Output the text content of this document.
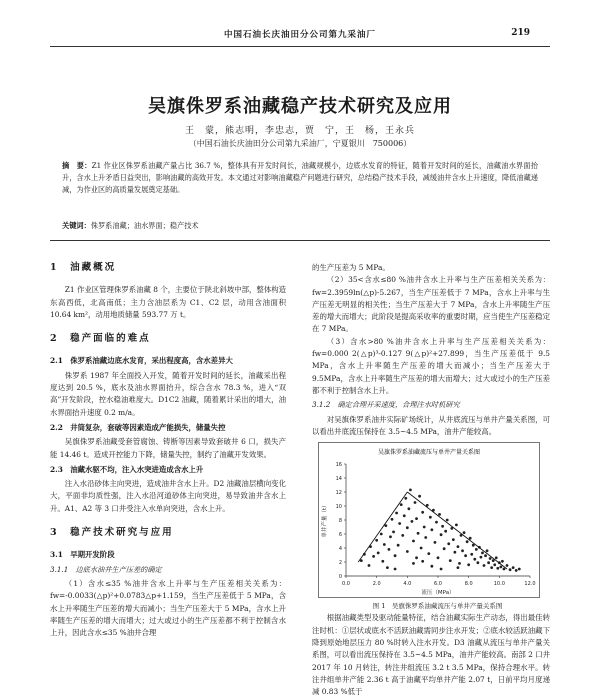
中国石油长庆油田分公司第九采油厂	219
吴旗侏罗系油藏稳产技术研究及应用
王　蒙，熊志明，李忠志，贾　宁，王　杨，王永兵
（中国石油长庆油田分公司第九采油厂，宁夏银川　750006）
摘　要：Z1 作业区侏罗系油藏产量占比 36.7 %，整体具有开发时间长，油藏规模小，边底水发育的特征，随着开发时间的延长，油藏油水界面抬升，含水上升矛盾日益突出，影响油藏的高效开发。本文通过对影响油藏稳产问题进行研究，总结稳产技术手段，减缓油井含水上升速度，降低油藏递减，为作业区的高质量发展奠定基础。
关键词：侏罗系油藏；油水界面；稳产技术
1　油藏概况

Z1 作业区管理侏罗系油藏 8 个，主要位于陕北斜坡中部，整体构造东高西低，北高南低；主力含油层系为 C1、C2 层，动用含油面积 10.64 km²，动用地质储量 593.77 万 t。

2　稳产面临的难点
2.1　侏罗系油藏边底水发育，采出程度高，含水差异大

侏罗系 1987 年全面投入开发，随着开发时间的延长，油藏采出程度达到 20.5 %，底水及油水界面抬升，综合含水 78.3 %，进入“双高”开发阶段，控水稳油难度大。D1C2 油藏，随着累计采出的增大，油水界面抬升速度 0.2 m/a。

2.2　井筒复杂，套破等因素造成产能损失，储量失控

吴旗侏罗系油藏受套管腐蚀、铸断等因素导致套破井 6 口，损失产能 14.46 t。造成开控能力下降，储量失控，制约了油藏开发效果。

2.3　油藏水驱不均，注入水突进造成含水上升

注入水沿砂体主向突进，造成油井含水上升。D2 油藏油层横向变化大，平面非均质性强，注入水沿河道砂体主向突进，易导致油井含水上升。A1、A2 等 3 口井受注入水单向突进，含水上升。

3　稳产技术研究与应用
3.1　早期开发阶段
3.1.1　边底水油井生产压差的确定

（1）含水≤35 %油井含水上升率与生产压差相关关系为：fw=-0.0033(△p)²+0.0783△p+1.159，当生产压差低于 5 MPa，含水上升率随生产压差的增大而减小；当生产压差大于 5 MPa，含水上升率随生产压差的增大而增大；过大或过小的生产压差都不利于控制含水上升，因此含水≤35 %油井合理

的生产压差为 5 MPa。

（2）35<含水≤80 %油井含水上升率与生产压差相关关系为：fw=2.3959ln(△p)-5.267，当生产压差低于 7 MPa，含水上升率与生产压差无明显的相关性；当生产压差大于 7 MPa，含水上升率随生产压差的增大而增大；此阶段是提高采收率的重要时期，应当使生产压差稳定在 7 MPa。

（3）含水>80 %油井含水上升率与生产压差相关关系为：fw=0.000 2(△p)³-0.127 9(△p)²+27.899，当生产压差低于 9.5 MPa，含水上升率随生产压差的增大而减小；当生产压差大于 9.5MPa，含水上升率随生产压差的增大而增大；过大或过小的生产压差都不利于控制含水上升。

3.1.2　确定合理开采速度，合理注水时机研究

对吴旗侏罗系油井实际矿场统计，从井底流压与单井产量关系图，可以看出井底流压保持在 3.5~4.5 MPa，油井产能较高。

吴旗侏罗系油藏流压与单井产量关系图
0
2
4
6
8
10
12
14
16
0.0	2.0	4.0	6.0	8.0	10.0	12.0
流压（MPa）
单井产量（t）

图 1　吴旗侏罗系油藏流压与单井产量关系图

根据油藏类型及驱动能量特征，结合油藏实际生产动态，得出最佳转注时机：①层状或底水不活跃油藏需同步注水开发；②底水较活跃油藏下降到原始地层压力 80 %时转入注水开发。D3 油藏从流压与单井产量关系图，可以看出流压保持在 3.5~4.5 MPa，油井产能较高。南部 2 口井 2017 年 10 月转注，转注井组流压 3.2 t 3.5 MPa，保持合理水平。转注井组单井产能 2.36 t 高于油藏平均单井产能 2.07 t，日前平均月度递减 0.83 %低于
